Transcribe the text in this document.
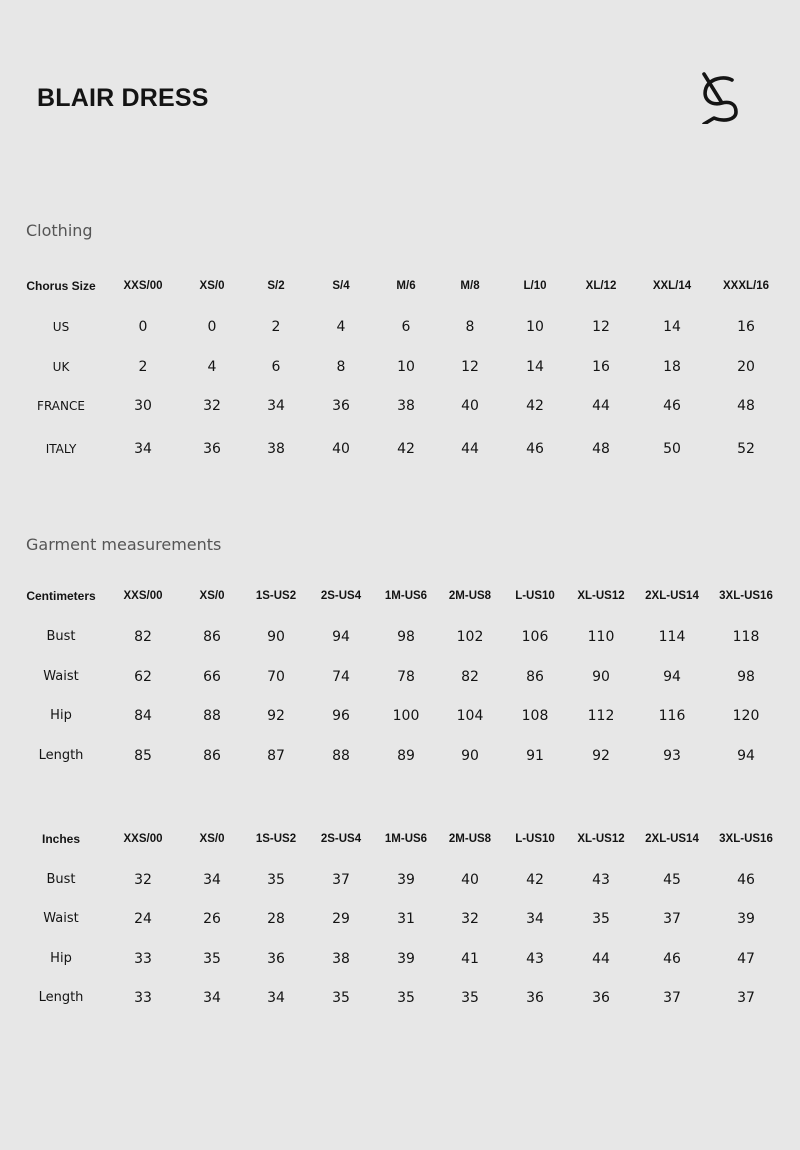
BLAIR DRESS
Clothing
Chorus Size XXS/00	XS/0	S/2	S/4	M/6	M/8	L/10	XL/12	XXL/14	XXXL/16
US	0	0	2	4	6	8	10	12	14	16
UK	2	4	6	8	10	12	14	16	18	20
FRANCE	30	32	34	36	38	40	42	44	46	48
ITALY	34	36	38	40	42	44	46	48	50	52
Garment measurements
Centimeters XXS/00	XS/0	1S-US2 2S-US4 1M-US6 2M-US8 L-US10 XL-US12 2XL-US14 3XL-US16
Bust	82	86	90	94	98	102	106	110	114	118
Waist	62	66	70	74	78	82	86	90	94	98
Hip	84	88	92	96	100	104	108	112	116	120
Length	85	86	87	88	89	90	91	92	93	94
Inches	XXS/00	XS/0	1S-US2 2S-US4 1M-US6 2M-US8 L-US10 XL-US12 2XL-US14 3XL-US16
Bust	32	34	35	37	39	40	42	43	45	46
Waist	24	26	28	29	31	32	34	35	37	39
Hip	33	35	36	38	39	41	43	44	46	47
Length	33	34	34	35	35	35	36	36	37	37
